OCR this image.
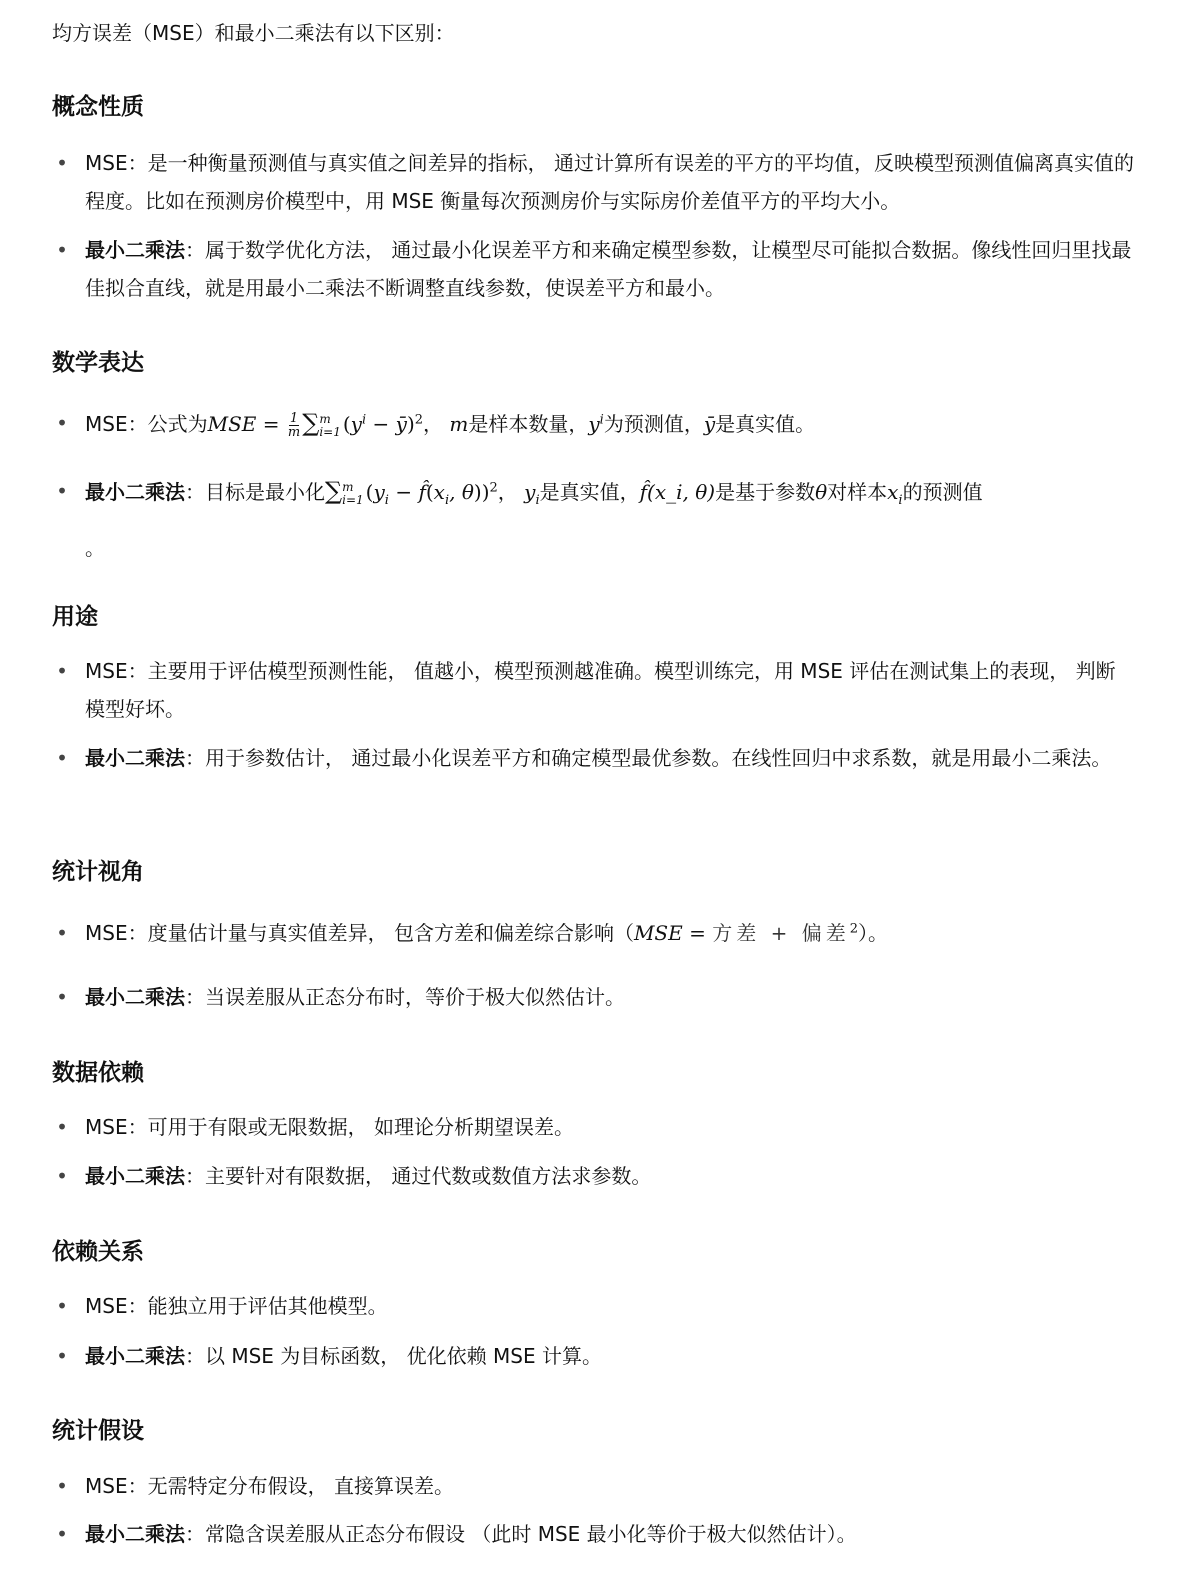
均方误差（MSE）和最小二乘法有以下区别：
概念性质
• MSE：是一种衡量预测值与真实值之间差异的指标， 通过计算所有误差的平方的平均值，反映模型预测值偏离真实值的程度。比如在预测房价模型中，用 MSE 衡量每次预测房价与实际房价差值平方的平均大小。
• 最小二乘法：属于数学优化方法， 通过最小化误差平方和来确定模型参数，让模型尽可能拟合数据。像线性回归里找最佳拟合直线，就是用最小二乘法不断调整直线参数，使误差平方和最小。
数学表达
• MSE：公式为MSE = $\frac{1}{m}$ ∑ m
i=1 ($y^i$ − ȳ)$^2$， m是样本数量，$y^i$为预测值，ȳ是真实值。
• 最小二乘法：目标是最小化∑ m
i=1 ($y_i$ − $f̂(x_i$, θ))$^2$， $y_i$是真实值，f̂(x_i, θ)是基于参数θ对样本$x_i$的预测值
。
用途
• MSE：主要用于评估模型预测性能， 值越小，模型预测越准确。模型训练完，用 MSE 评估在测试集上的表现， 判断模型好坏。
• 最小二乘法：用于参数估计， 通过最小化误差平方和确定模型最优参数。在线性回归中求系数，就是用最小二乘法。
统计视角
• MSE：度量估计量与真实值差异， 包含方差和偏差综合影响（MSE = 方差 + 偏差$^2$）。
• 最小二乘法：当误差服从正态分布时，等价于极大似然估计。
数据依赖
• MSE：可用于有限或无限数据， 如理论分析期望误差。
• 最小二乘法：主要针对有限数据， 通过代数或数值方法求参数。
依赖关系
• MSE：能独立用于评估其他模型。
• 最小二乘法：以 MSE 为目标函数， 优化依赖 MSE 计算。
统计假设
• MSE：无需特定分布假设， 直接算误差。
• 最小二乘法：常隐含误差服从正态分布假设 （此时 MSE 最小化等价于极大似然估计）。
